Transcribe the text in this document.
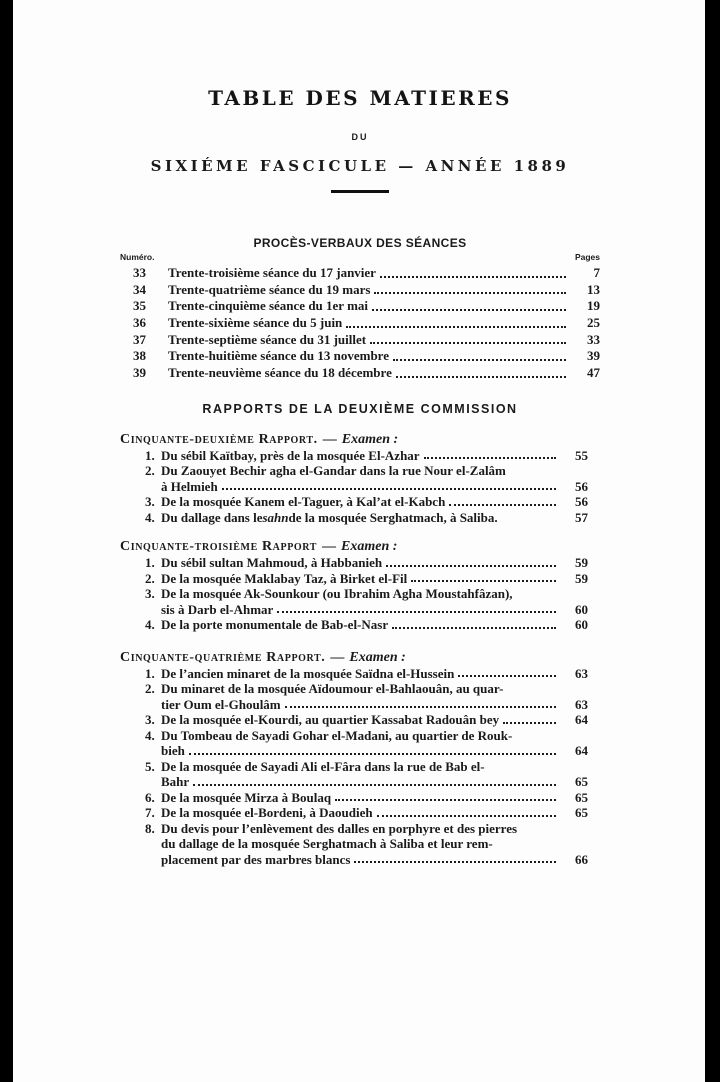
TABLE DES MATIERES
DU
SIXIÉME FASCICULE — ANNÉE 1889
PROCÈS-VERBAUX DES SÉANCES
Numéro.	Pages
33 Trente-troisième séance du 17 janvier	7
34 Trente-quatrième séance du 19 mars	13
35 Trente-cinquième séance du 1er mai	19
36 Trente-sixième séance du 5 juin	25
37 Trente-septième séance du 31 juillet	33
38 Trente-huitième séance du 13 novembre	39
39 Trente-neuvième séance du 18 décembre	47
RAPPORTS DE LA DEUXIÈME COMMISSION
Cinquante-deuxième Rapport. — Examen :
1. Du sébil Kaïtbay, près de la mosquée El-Azhar	55
2. Du Zaouyet Bechir agha el-Gandar dans la rue Nour el-Zalâm
à Helmieh	56
3. De la mosquée Kanem el-Taguer, à Kal’at el-Kabch	56
4. Du dallage dans le sahn de la mosquée Serghatmach, à Saliba.	57
Cinquante-troisième Rapport — Examen :
1. Du sébil sultan Mahmoud, à Habbanieh	59
2. De la mosquée Maklabay Taz, à Birket el-Fil	59
3. De la mosquée Ak-Sounkour (ou Ibrahim Agha Moustahfâzan),
sis à Darb el-Ahmar	60
4. De la porte monumentale de Bab-el-Nasr	60
Cinquante-quatrième Rapport. — Examen :
1. De l’ancien minaret de la mosquée Saïdna el-Hussein	63
2. Du minaret de la mosquée Aïdoumour el-Bahlaouân, au quar-
tier Oum el-Ghoulâm	63
3. De la mosquée el-Kourdi, au quartier Kassabat Radouân bey	64
4. Du Tombeau de Sayadi Gohar el-Madani, au quartier de Rouk-
bieh	64
5. De la mosquée de Sayadi Ali el-Fâra dans la rue de Bab el-
Bahr	65
6. De la mosquée Mirza à Boulaq	65
7. De la mosquée el-Bordeni, à Daoudieh	65
8. Du devis pour l’enlèvement des dalles en porphyre et des pierres
du dallage de la mosquée Serghatmach à Saliba et leur rem-
placement par des marbres blancs	66
